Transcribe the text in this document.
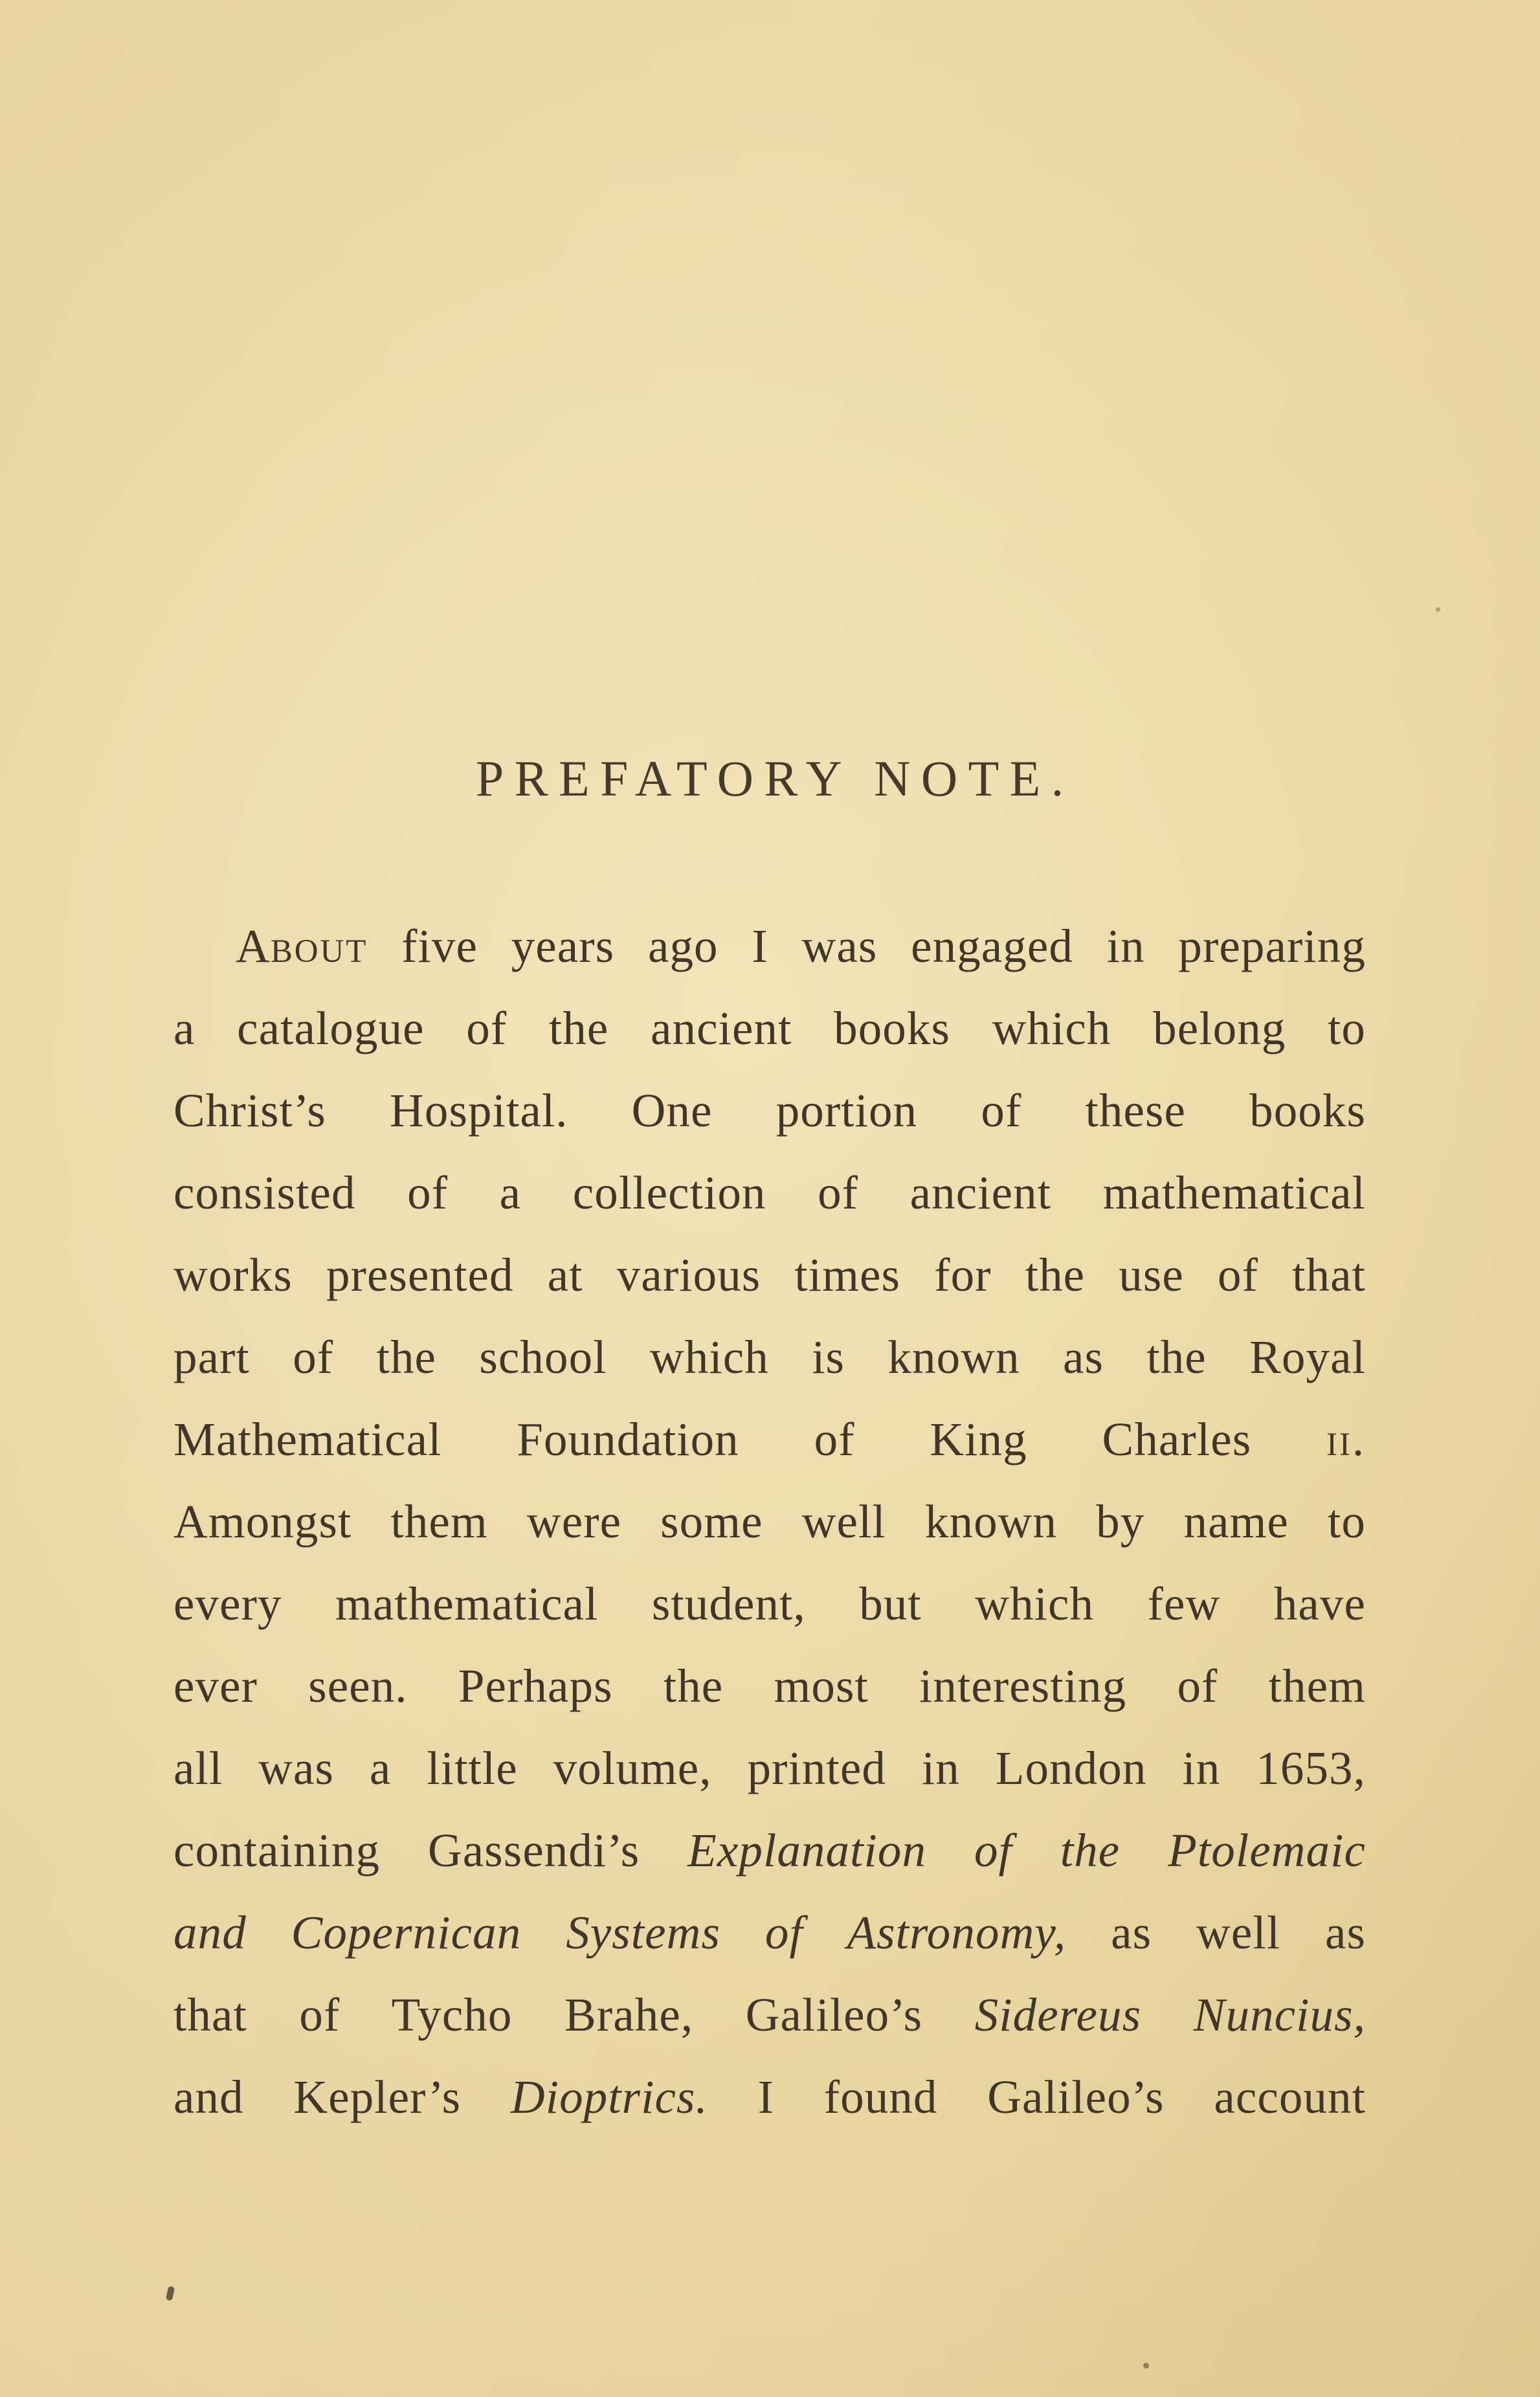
PREFATORY NOTE.
About five years ago I was engaged in preparing
a catalogue of the ancient books which belong to
Christ’s Hospital. One portion of these books
consisted of a collection of ancient mathematical
works presented at various times for the use of that
part of the school which is known as the Royal
Mathematical Foundation of King Charles ii.
Amongst them were some well known by name to
every mathematical student, but which few have
ever seen. Perhaps the most interesting of them
all was a little volume, printed in London in 1653,
containing Gassendi’s Explanation of the Ptolemaic
and Copernican Systems of Astronomy, as well as
that of Tycho Brahe, Galileo’s Sidereus Nuncius,
and Kepler’s Dioptrics. I found Galileo’s account
